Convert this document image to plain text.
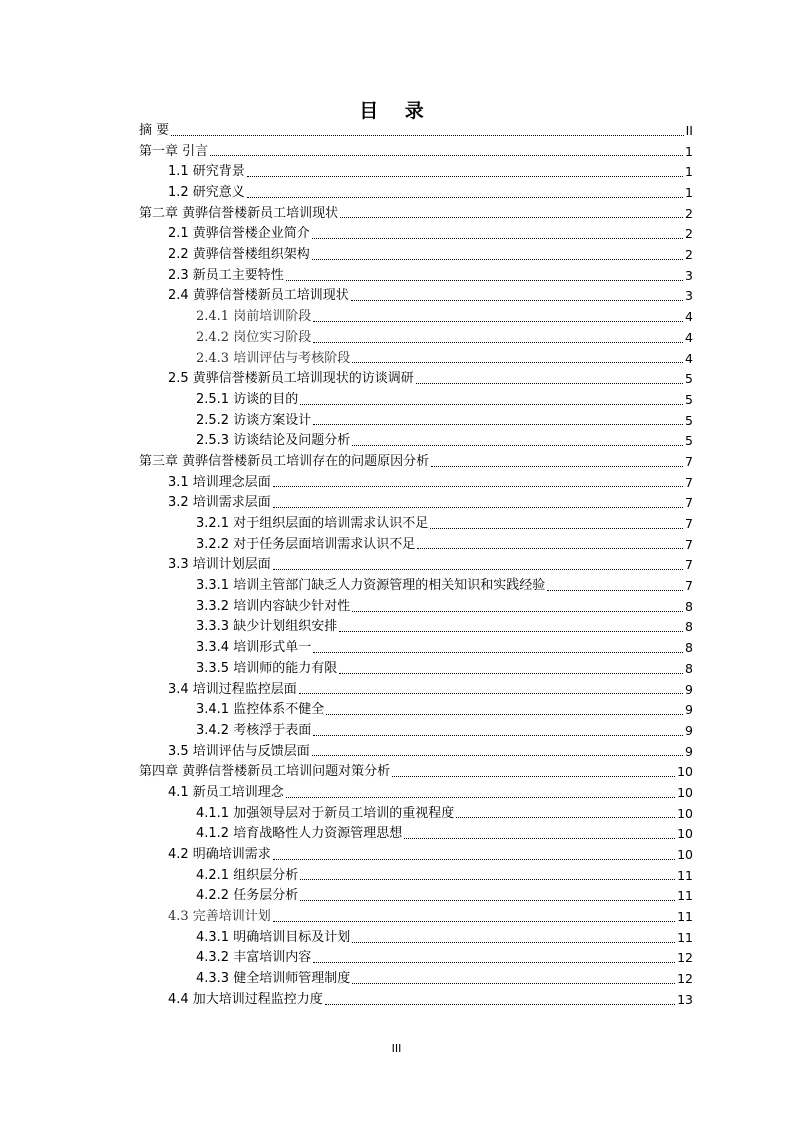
目 录
摘 要	II
第一章 引言	1
1.1 研究背景	1
1.2 研究意义	1
第二章 黄骅信誉楼新员工培训现状	2
2.1 黄骅信誉楼企业简介	2
2.2 黄骅信誉楼组织架构	2
2.3 新员工主要特性	3
2.4 黄骅信誉楼新员工培训现状	3
2.4.1 岗前培训阶段	4
2.4.2 岗位实习阶段	4
2.4.3 培训评估与考核阶段	4
2.5 黄骅信誉楼新员工培训现状的访谈调研	5
2.5.1 访谈的目的	5
2.5.2 访谈方案设计	5
2.5.3 访谈结论及问题分析	5
第三章 黄骅信誉楼新员工培训存在的问题原因分析	7
3.1 培训理念层面	7
3.2 培训需求层面	7
3.2.1 对于组织层面的培训需求认识不足	7
3.2.2 对于任务层面培训需求认识不足	7
3.3 培训计划层面	7
3.3.1 培训主管部门缺乏人力资源管理的相关知识和实践经验	7
3.3.2 培训内容缺少针对性	8
3.3.3 缺少计划组织安排	8
3.3.4 培训形式单一	8
3.3.5 培训师的能力有限	8
3.4 培训过程监控层面	9
3.4.1 监控体系不健全	9
3.4.2 考核浮于表面	9
3.5 培训评估与反馈层面	9
第四章 黄骅信誉楼新员工培训问题对策分析	10
4.1 新员工培训理念	10
4.1.1 加强领导层对于新员工培训的重视程度	10
4.1.2 培育战略性人力资源管理思想	10
4.2 明确培训需求	10
4.2.1 组织层分析	11
4.2.2 任务层分析	11
4.3 完善培训计划	11
4.3.1 明确培训目标及计划	11
4.3.2 丰富培训内容	12
4.3.3 健全培训师管理制度	12
4.4 加大培训过程监控力度	13
III
